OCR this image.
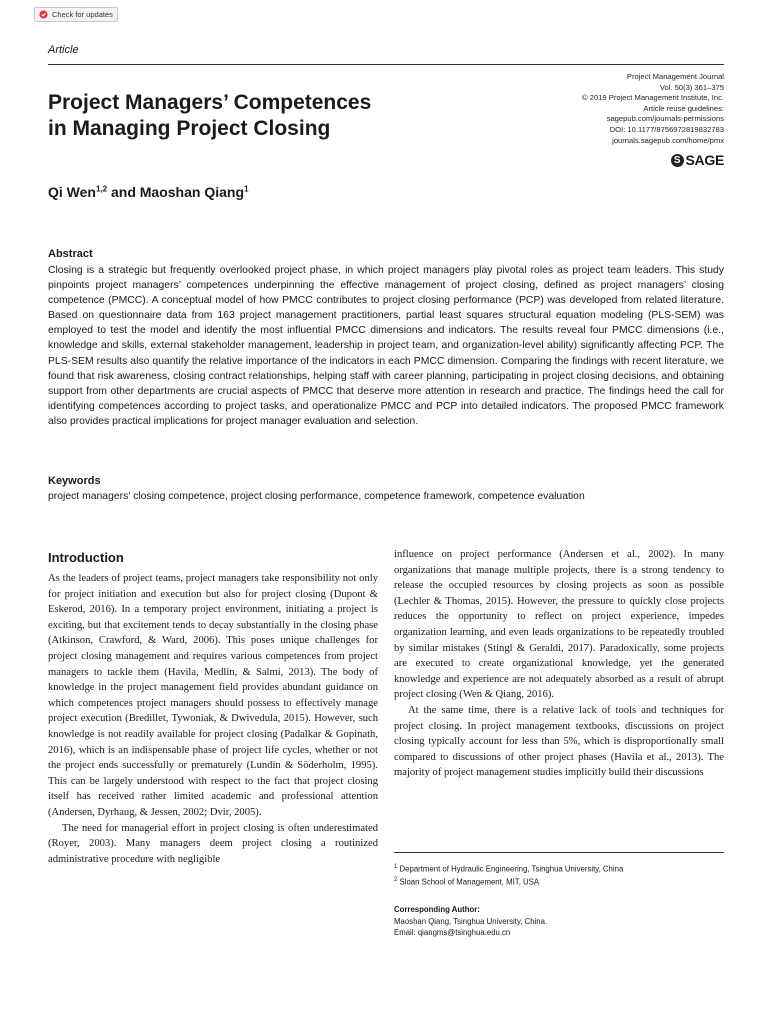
Check for updates
Article
Project Management Journal
Vol. 50(3) 361–375
© 2019 Project Management Institute, Inc.
Article reuse guidelines:
sagepub.com/journals-permissions
DOI: 10.1177/8756972819832783
journals.sagepub.com/home/pmx
S SAGE
Project Managers’ Competences
in Managing Project Closing
Qi Wen$^{1,2}$ and Maoshan Qiang$^1$
Abstract
Closing is a strategic but frequently overlooked project phase, in which project managers play pivotal roles as project team leaders. This study pinpoints project managers’ competences underpinning the effective management of project closing, defined as project managers’ closing competence (PMCC). A conceptual model of how PMCC contributes to project closing performance (PCP) was developed from related literature. Based on questionnaire data from 163 project management practitioners, partial least squares structural equation modeling (PLS-SEM) was employed to test the model and identify the most influential PMCC dimensions and indicators. The results reveal four PMCC dimensions (i.e., knowledge and skills, external stakeholder management, leadership in project team, and organization-level ability) significantly affecting PCP. The PLS-SEM results also quantify the relative importance of the indicators in each PMCC dimension. Comparing the findings with recent literature, we found that risk awareness, closing contract relationships, helping staff with career planning, participating in project closing decisions, and obtaining support from other departments are crucial aspects of PMCC that deserve more attention in research and practice. The findings heed the call for identifying competences according to project tasks, and operationalize PMCC and PCP into detailed indicators. The proposed PMCC framework also provides practical implications for project manager evaluation and selection.
Keywords
project managers’ closing competence, project closing performance, competence framework, competence evaluation
Introduction

As the leaders of project teams, project managers take responsibility not only for project initiation and execution but also for project closing (Dupont & Eskerod, 2016). In a temporary project environment, initiating a project is exciting, but that excitement tends to decay substantially in the closing phase (Atkinson, Crawford, & Ward, 2006). This poses unique challenges for project closing management and requires various competences from project managers to tackle them (Havila, Medlin, & Salmi, 2013). The body of knowledge in the project management field provides abundant guidance on which competences project managers should possess to effectively manage project execution (Bredillet, Tywoniak, & Dwivedula, 2015). However, such knowledge is not readily available for project closing (Padalkar & Gopinath, 2016), which is an indispensable phase of project life cycles, whether or not the project ends successfully or prematurely (Lundin & Söderholm, 1995). This can be largely understood with respect to the fact that project closing itself has received rather limited academic and professional attention (Andersen, Dyrhaug, & Jessen, 2002; Dvir, 2005).

The need for managerial effort in project closing is often underestimated (Royer, 2003). Many managers deem project closing a routinized administrative procedure with negligible

influence on project performance (Andersen et al., 2002). In many organizations that manage multiple projects, there is a strong tendency to release the occupied resources by closing projects as soon as possible (Lechler & Thomas, 2015). However, the pressure to quickly close projects reduces the opportunity to reflect on project experience, impedes organization learning, and even leads organizations to be repeatedly troubled by similar mistakes (Stingl & Geraldi, 2017). Paradoxically, some projects are executed to create organizational knowledge, yet the generated knowledge and experience are not adequately absorbed as a result of abrupt project closing (Wen & Qiang, 2016).

At the same time, there is a relative lack of tools and techniques for project closing. In project management textbooks, discussions on project closing typically account for less than 5%, which is disproportionally small compared to discussions of other project phases (Havila et al., 2013). The majority of project management studies implicitly build their discussions

$^1$ Department of Hydraulic Engineering, Tsinghua University, China
$^2$ Sloan School of Management, MIT, USA
Corresponding Author:
Maoshan Qiang, Tsinghua University, China.
Email: qiangms@tsinghua.edu.cn
